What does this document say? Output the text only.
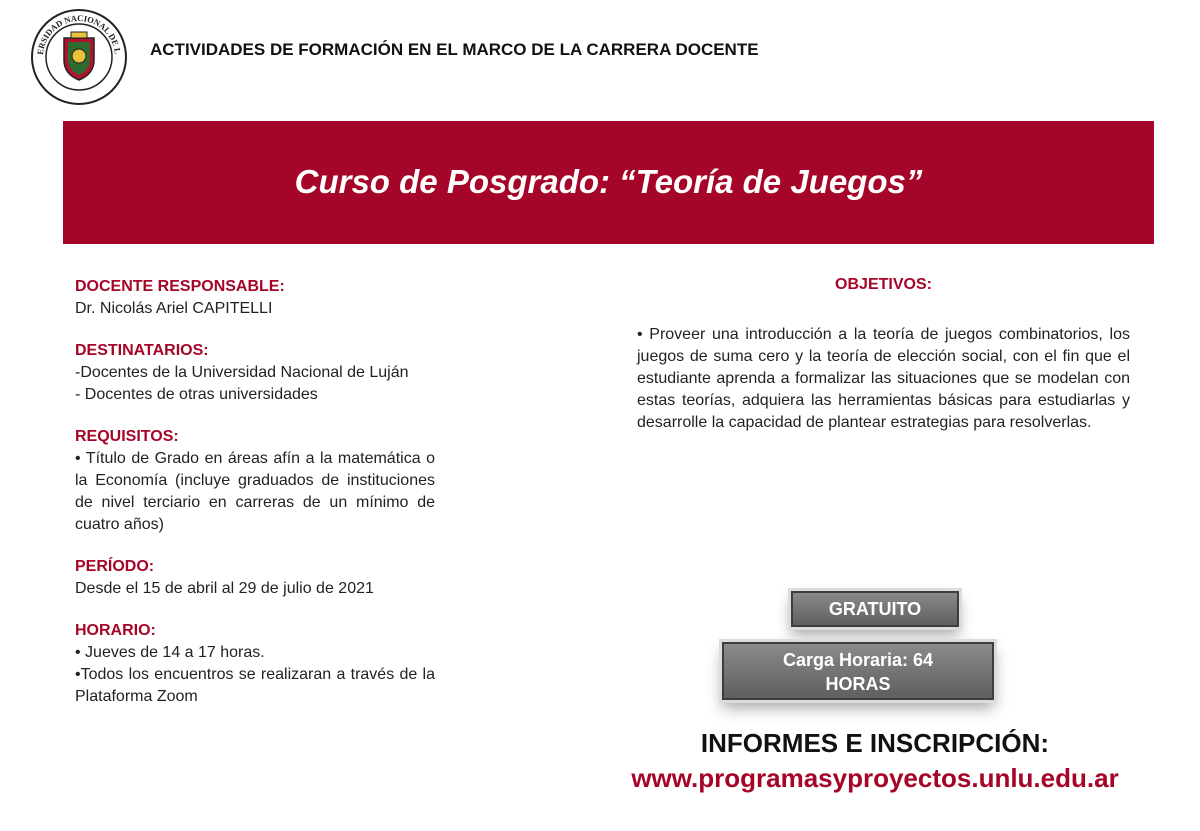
ERSIDAD NACIONAL DE L ACTIVIDADES DE FORMACIÓN EN EL MARCO DE LA CARRERA DOCENTE
Curso de Posgrado: “Teoría de Juegos”
DOCENTE RESPONSABLE:
Dr. Nicolás Ariel CAPITELLI
DESTINATARIOS:
-Docentes de la Universidad Nacional de Luján
- Docentes de otras universidades
REQUISITOS:
• Título de Grado en áreas afín a la matemática o la Economía (incluye graduados de instituciones de nivel terciario en carreras de un mínimo de cuatro años)
PERÍODO:
Desde el 15 de abril al 29 de julio de 2021
HORARIO:
• Jueves de 14 a 17 horas.
•Todos los encuentros se realizaran a través de la Plataforma Zoom
OBJETIVOS:
• Proveer una introducción a la teoría de juegos combinatorios, los juegos de suma cero y la teoría de elección social, con el fin que el estudiante aprenda a formalizar las situaciones que se modelan con estas teorías, adquiera las herramientas básicas para estudiarlas y desarrolle la capacidad de plantear estrategias para resolverlas.
GRATUITO
Carga Horaria: 64
HORAS
INFORMES E INSCRIPCIÓN:
www.programasyproyectos.unlu.edu.ar
